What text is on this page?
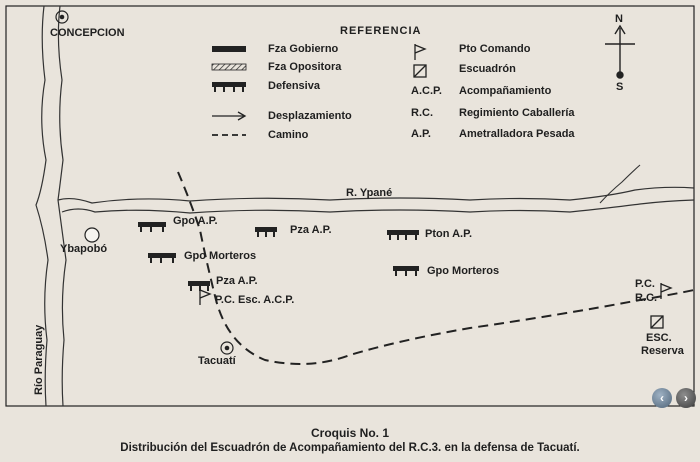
CONCEPCION
Ybapobó
Tacuatí
R. Ypané
Río Paraguay
Gpo A.P.
Pza A.P.	Pton A.P.
Gpo Morteros
Gpo Morteros
Pza A.P.
P.C. Esc. A.C.P.
P.C.
R.C.
ESC.
Reserva
N
S
REFERENCIA
Fza Gobierno
Fza Opositora
Defensiva
Desplazamiento
Camino
Pto Comando
Escuadrón
A.C.P. Acompañamiento
R.C. Regimiento Caballería
A.P.	Ametralladora Pesada
‹	›
Croquis No. 1
Distribución del Escuadrón de Acompañamiento del R.C.3. en la defensa de Tacuatí.
